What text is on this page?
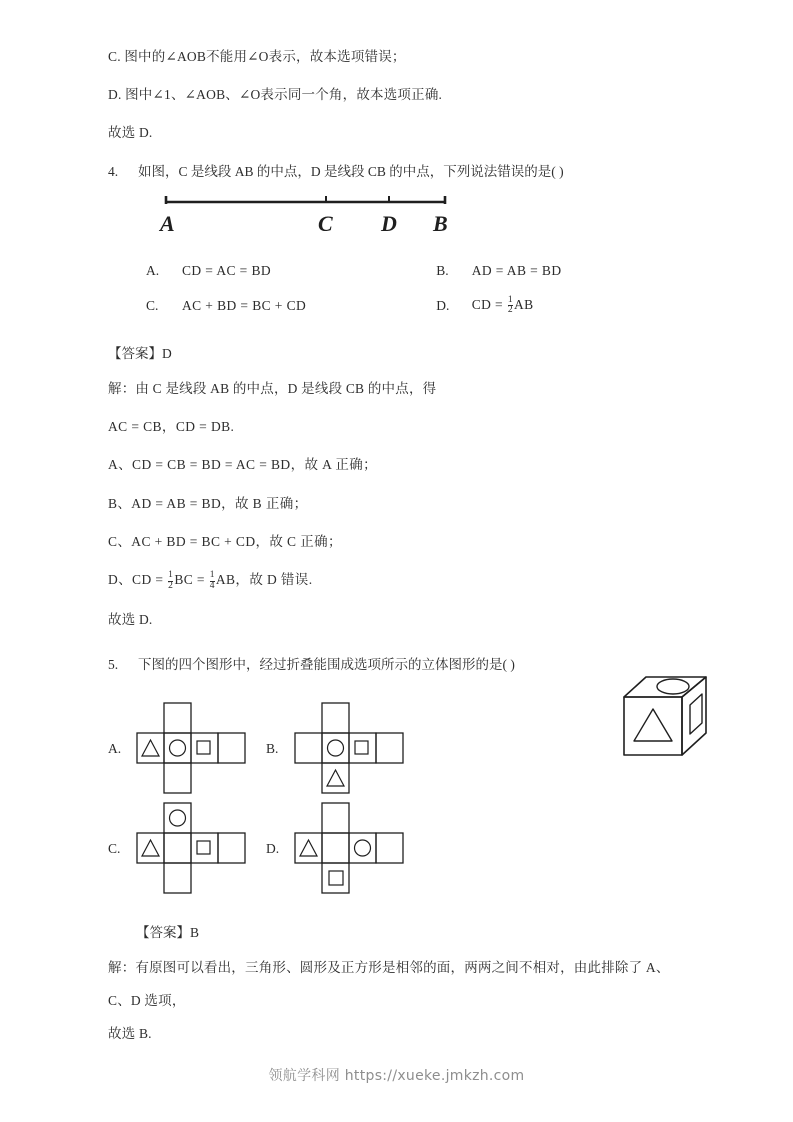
C. 图中的∠AOB不能用∠O表示，故本选项错误；

D. 图中∠1、∠AOB、∠O表示同一个角，故本选项正确.

故选 D.

4. 如图，C 是线段 AB 的中点，D 是线段 CB 的中点，下列说法错误的是( )

A	C D B
A.	CD = AC = BD	B.	AD = AB = BD
C.	AC + BD = BC + CD	D.	CD = $\frac{1}{2}$ AB

【答案】D

解：由 C 是线段 AB 的中点，D 是线段 CB 的中点，得

AC = CB，CD = DB.

A、CD = CB = BD = AC = BD，故 A 正确；

B、AD = AB = BD，故 B 正确；

C、AC + BD = BC + CD，故 C 正确；

D、CD = $\frac{1}{2}$ BC = $\frac{1}{4}$ AB，故 D 错误.

故选 D.

5. 下图的四个图形中，经过折叠能围成选项所示的立体图形的是( )

A.	B.
C.	D.

【答案】B

解：有原图可以看出，三角形、圆形及正方形是相邻的面，两两之间不相对，由此排除了 A、

C、D 选项，

故选 B.

领航学科网 https://xueke.jmkzh.com
